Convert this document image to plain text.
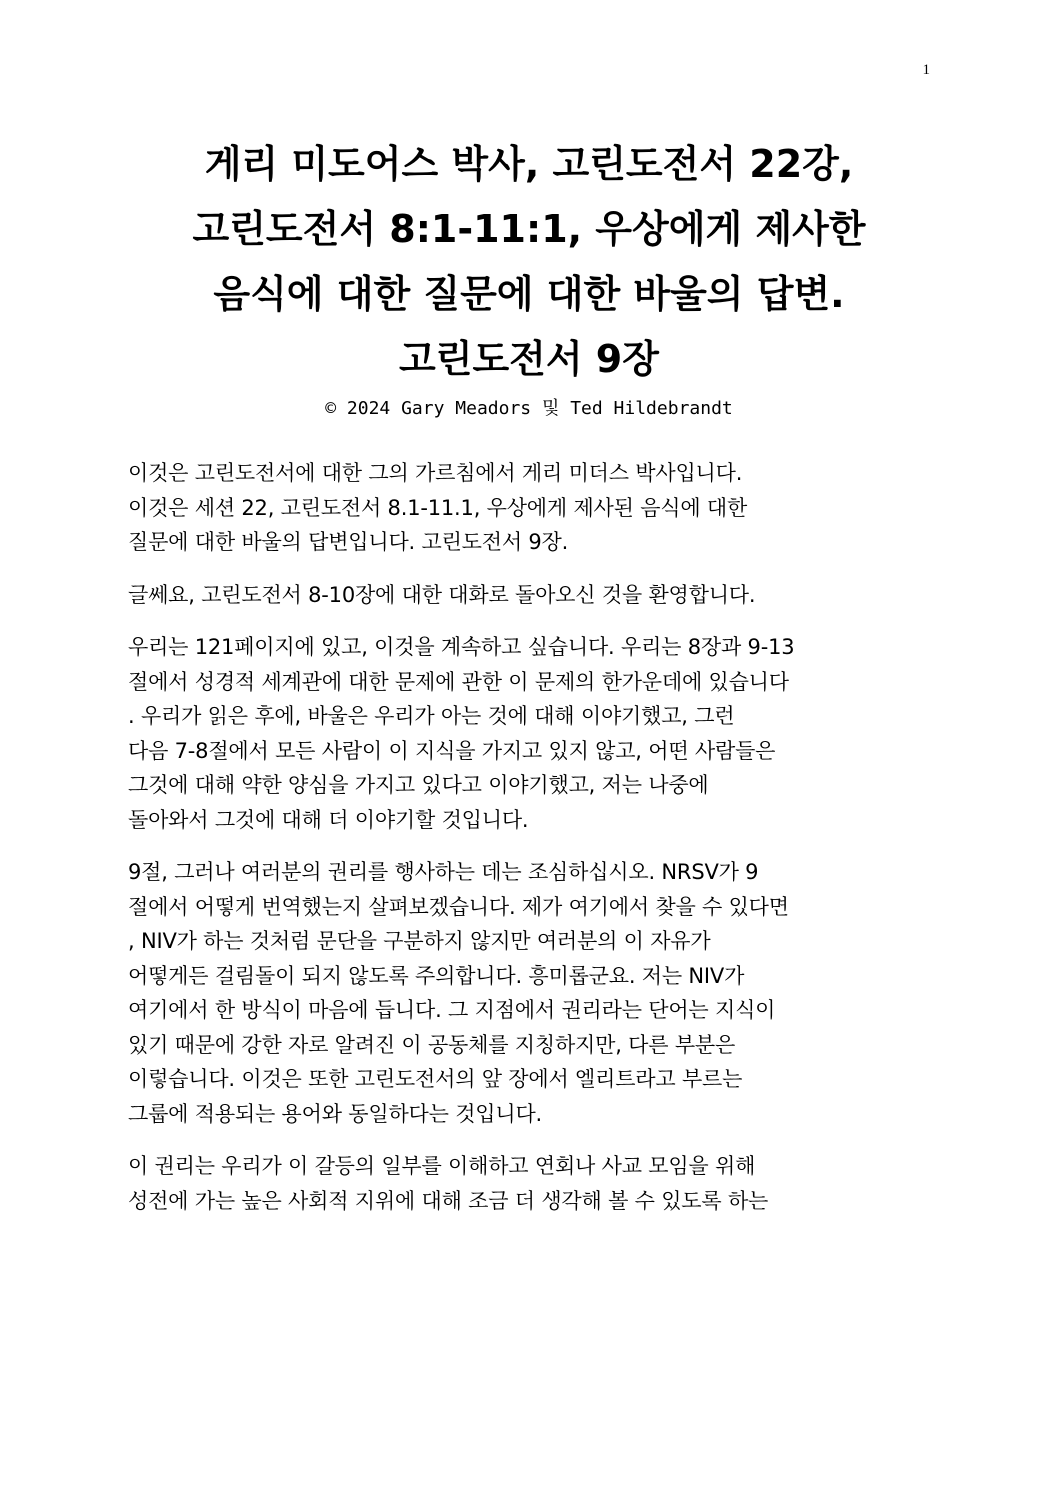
1
게리 미도어스 박사, 고린도전서 22강,
고린도전서 8:1-11:1, 우상에게 제사한
음식에 대한 질문에 대한 바울의 답변.
고린도전서 9장
© 2024 Gary Meadors 및 Ted Hildebrandt

이것은 고린도전서에 대한 그의 가르침에서 게리 미더스 박사입니다.
이것은 세션 22, 고린도전서 8.1-11.1, 우상에게 제사된 음식에 대한
질문에 대한 바울의 답변입니다. 고린도전서 9장.

글쎄요, 고린도전서 8-10장에 대한 대화로 돌아오신 것을 환영합니다.

우리는 121페이지에 있고, 이것을 계속하고 싶습니다. 우리는 8장과 9-13
절에서 성경적 세계관에 대한 문제에 관한 이 문제의 한가운데에 있습니다
. 우리가 읽은 후에, 바울은 우리가 아는 것에 대해 이야기했고, 그런
다음 7-8절에서 모든 사람이 이 지식을 가지고 있지 않고, 어떤 사람들은
그것에 대해 약한 양심을 가지고 있다고 이야기했고, 저는 나중에
돌아와서 그것에 대해 더 이야기할 것입니다.

9절, 그러나 여러분의 권리를 행사하는 데는 조심하십시오. NRSV가 9
절에서 어떻게 번역했는지 살펴보겠습니다. 제가 여기에서 찾을 수 있다면
, NIV가 하는 것처럼 문단을 구분하지 않지만 여러분의 이 자유가
어떻게든 걸림돌이 되지 않도록 주의합니다. 흥미롭군요. 저는 NIV가
여기에서 한 방식이 마음에 듭니다. 그 지점에서 권리라는 단어는 지식이
있기 때문에 강한 자로 알려진 이 공동체를 지칭하지만, 다른 부분은
이렇습니다. 이것은 또한 고린도전서의 앞 장에서 엘리트라고 부르는
그룹에 적용되는 용어와 동일하다는 것입니다.

이 권리는 우리가 이 갈등의 일부를 이해하고 연회나 사교 모임을 위해
성전에 가는 높은 사회적 지위에 대해 조금 더 생각해 볼 수 있도록 하는
